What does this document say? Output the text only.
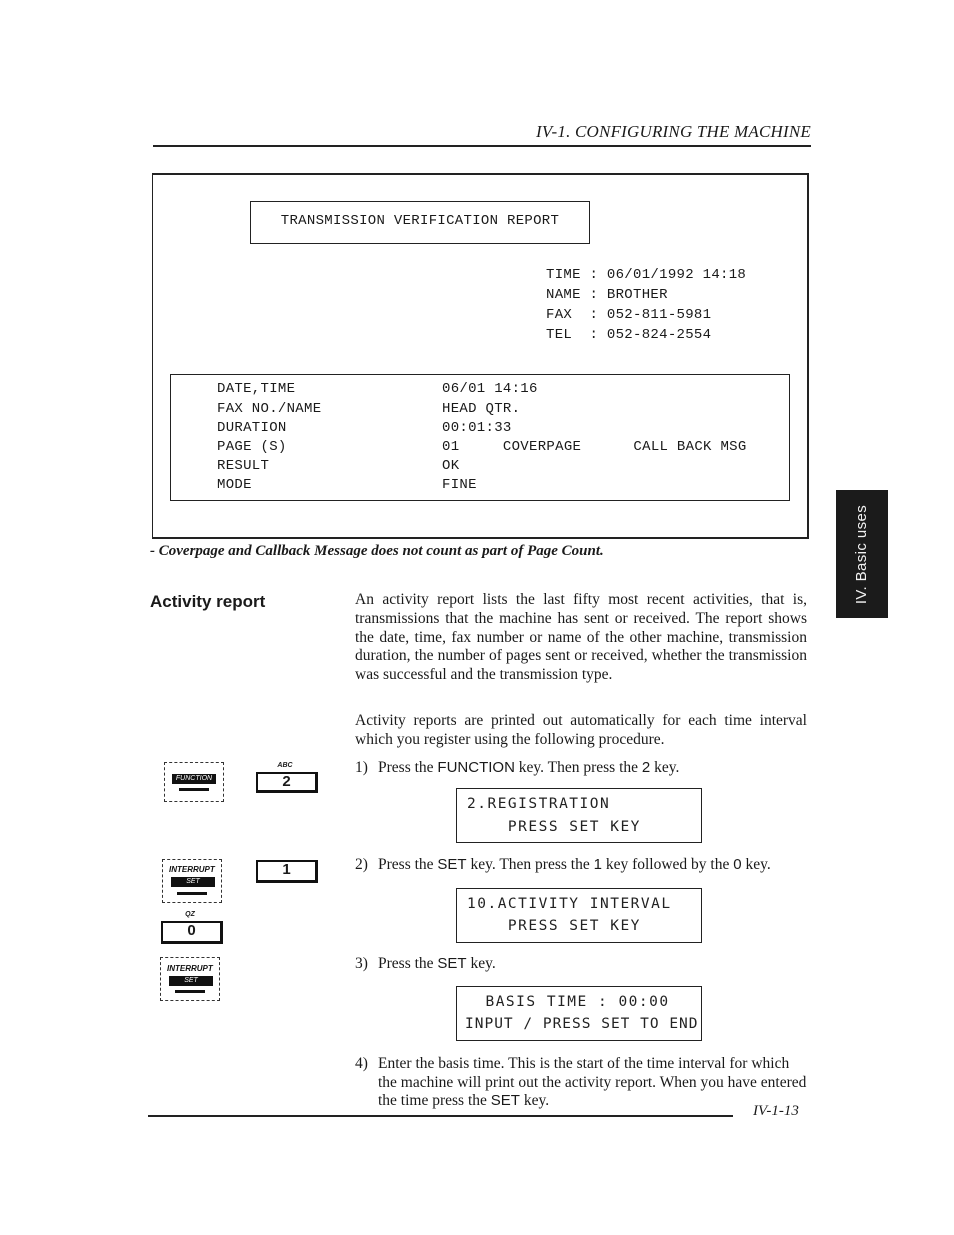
IV-1. CONFIGURING THE MACHINE
TRANSMISSION VERIFICATION REPORT
TIME : 06/01/1992 14:18
NAME : BROTHER
FAX  : 052-811-5981
TEL  : 052-824-2554
DATE,TIME	06/01 14:16
FAX NO./NAME	HEAD QTR.
DURATION	00:01:33
PAGE (S)	01     COVERPAGE      CALL BACK MSG
RESULT	OK
MODE	FINE
- Coverpage and Callback Message does not count as part of Page Count.	IV. Basic uses
Activity report	An activity report lists the last fifty most recent activities, that is, transmissions that the machine has sent or received. The report shows the date, time, fax number or name of the other machine, transmission duration, the number of pages sent or received, whether the transmission was successful and the transmission type.
Activity reports are printed out automatically for each time interval which you register using the following procedure.
1) Press the FUNCTION key. Then press the 2 key.
2.REGISTRATION
PRESS SET KEY
2) Press the SET key. Then press the 1 key followed by the 0 key.
10.ACTIVITY INTERVAL
PRESS SET KEY
3) Press the SET key.
BASIS TIME : 00:00
INPUT / PRESS SET TO END
4) Enter the basis time. This is the start of the time interval for which the machine will print out the activity report. When you have entered the time press the SET key.
FUNCTION
ABC
2
INTERRUPT
SET
1
QZ
0
INTERRUPT
SET
IV-1-13
